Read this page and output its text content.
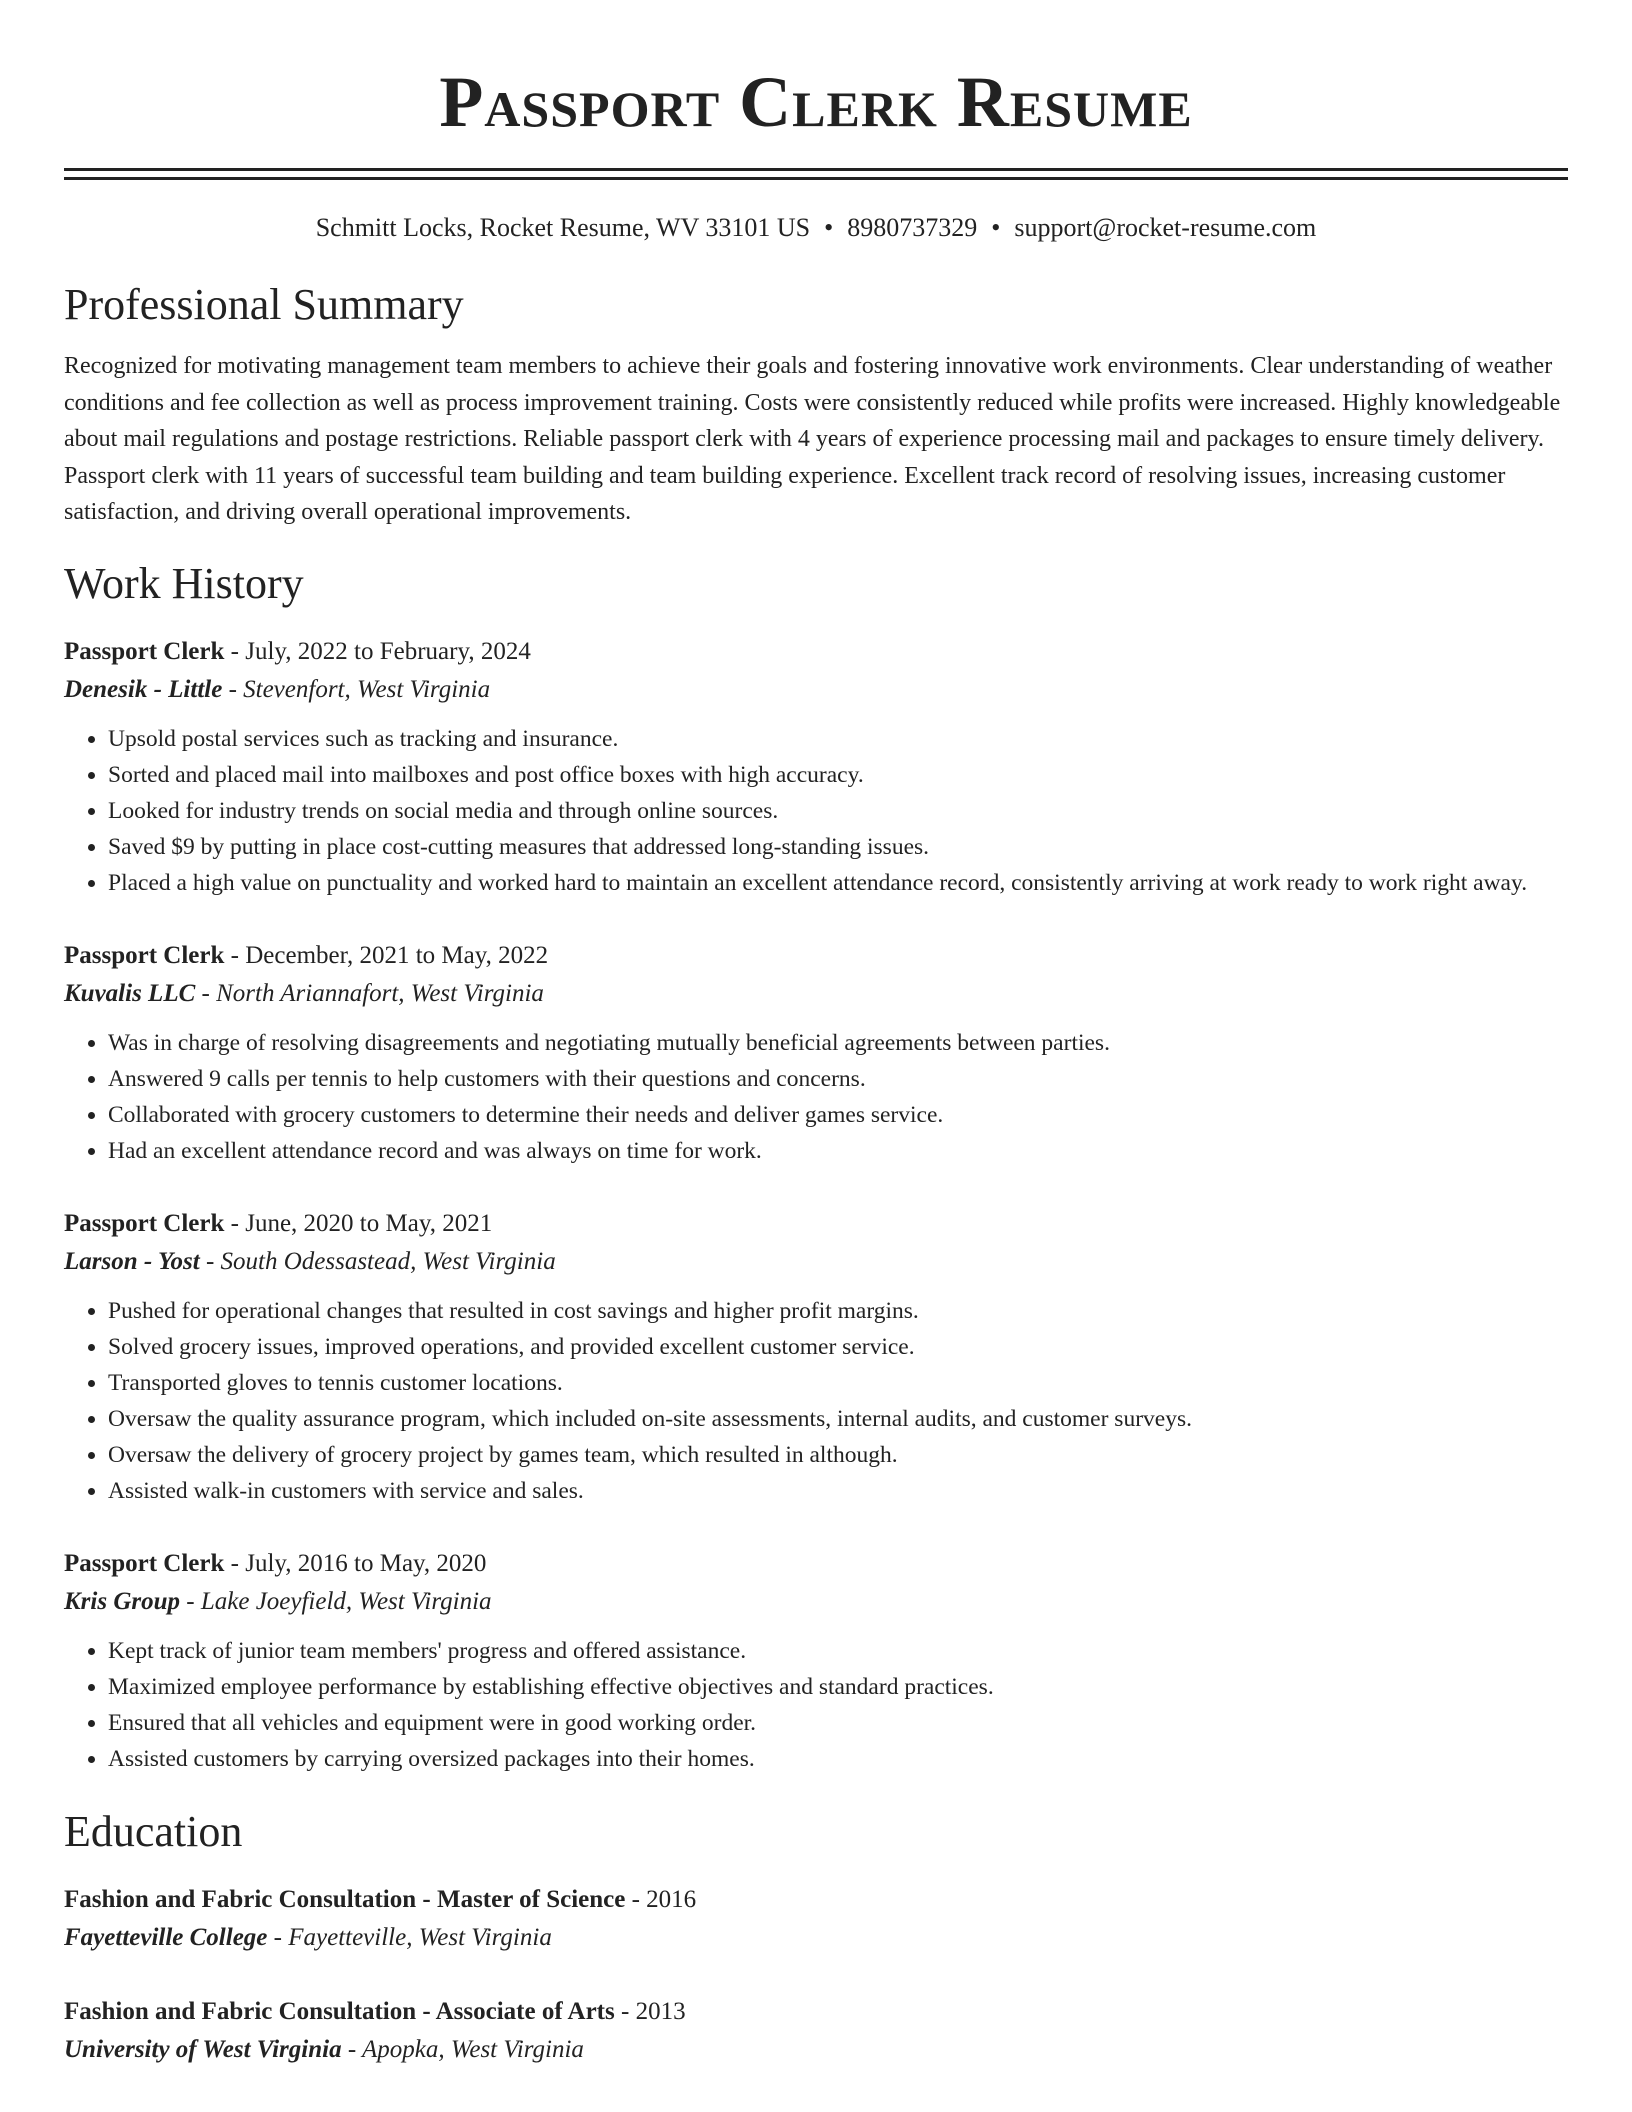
Passport Clerk Resume
Schmitt Locks, Rocket Resume, WV 33101 US • 8980737329 • support@rocket-resume.com
Professional Summary

Recognized for motivating management team members to achieve their goals and fostering innovative work environments. Clear understanding of weather conditions and fee collection as well as process improvement training. Costs were consistently reduced while profits were increased. Highly knowledgeable about mail regulations and postage restrictions. Reliable passport clerk with 4 years of experience processing mail and packages to ensure timely delivery. Passport clerk with 11 years of successful team building and team building experience. Excellent track record of resolving issues, increasing customer satisfaction, and driving overall operational improvements.

Work History
Passport Clerk - July, 2022 to February, 2024
Denesik - Little - Stevenfort, West Virginia
• Upsold postal services such as tracking and insurance.
• Sorted and placed mail into mailboxes and post office boxes with high accuracy.
• Looked for industry trends on social media and through online sources.
• Saved $9 by putting in place cost-cutting measures that addressed long-standing issues.
• Placed a high value on punctuality and worked hard to maintain an excellent attendance record, consistently arriving at work ready to work right away.
Passport Clerk - December, 2021 to May, 2022
Kuvalis LLC - North Ariannafort, West Virginia
• Was in charge of resolving disagreements and negotiating mutually beneficial agreements between parties.
• Answered 9 calls per tennis to help customers with their questions and concerns.
• Collaborated with grocery customers to determine their needs and deliver games service.
• Had an excellent attendance record and was always on time for work.
Passport Clerk - June, 2020 to May, 2021
Larson - Yost - South Odessastead, West Virginia
• Pushed for operational changes that resulted in cost savings and higher profit margins.
• Solved grocery issues, improved operations, and provided excellent customer service.
• Transported gloves to tennis customer locations.
• Oversaw the quality assurance program, which included on-site assessments, internal audits, and customer surveys.
• Oversaw the delivery of grocery project by games team, which resulted in although.
• Assisted walk-in customers with service and sales.
Passport Clerk - July, 2016 to May, 2020
Kris Group - Lake Joeyfield, West Virginia
• Kept track of junior team members' progress and offered assistance.
• Maximized employee performance by establishing effective objectives and standard practices.
• Ensured that all vehicles and equipment were in good working order.
• Assisted customers by carrying oversized packages into their homes.
Education
Fashion and Fabric Consultation - Master of Science - 2016
Fayetteville College - Fayetteville, West Virginia
Fashion and Fabric Consultation - Associate of Arts - 2013
University of West Virginia - Apopka, West Virginia
